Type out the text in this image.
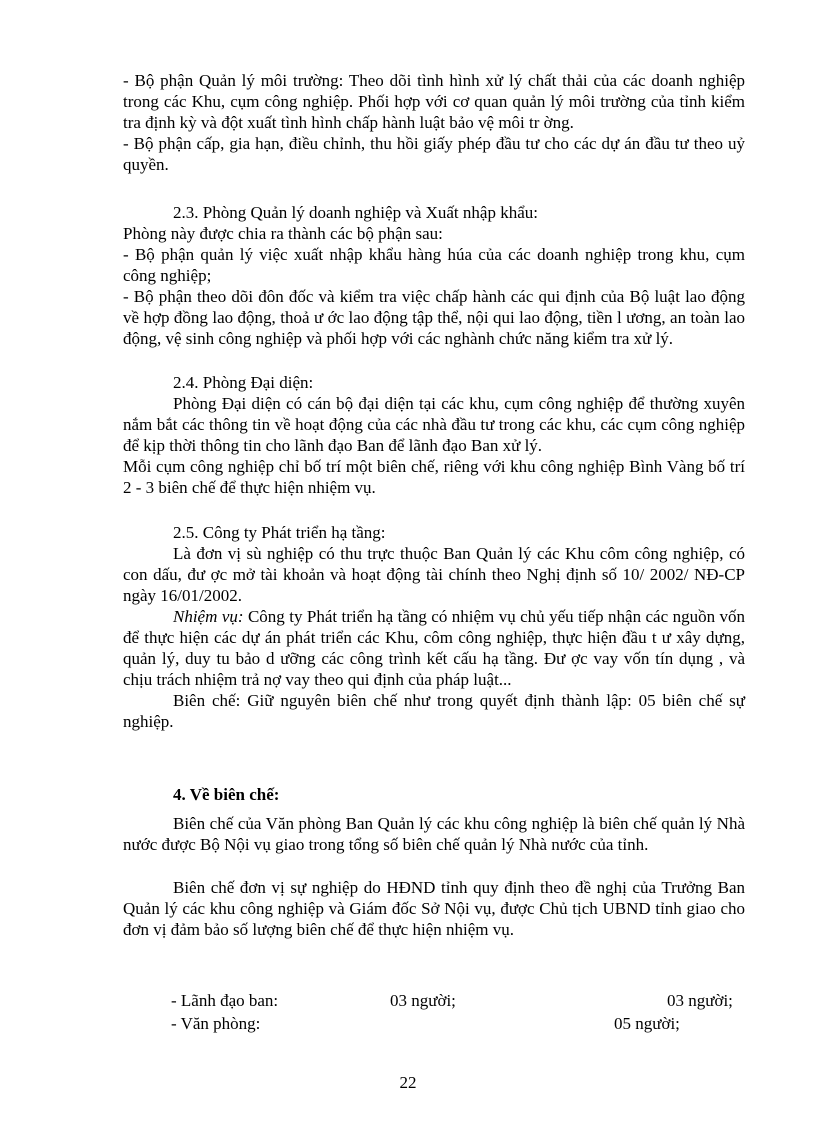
- Bộ phận Quản lý môi trường: Theo dõi tình hình xử lý chất thải của các doanh nghiệp trong các Khu, cụm công nghiệp. Phối hợp với cơ quan quản lý môi trường của tỉnh kiểm tra định kỳ và đột xuất tình hình chấp hành luật bảo vệ môi tr ờng.

- Bộ phận cấp, gia hạn, điều chỉnh, thu hồi giấy phép đầu tư cho các dự án đầu tư theo uỷ quyền.

2.3. Phòng Quản lý doanh nghiệp và Xuất nhập khẩu:

Phòng này được chia ra thành các bộ phận sau:

- Bộ phận quản lý việc xuất nhập khẩu hàng húa của các doanh nghiệp trong khu, cụm công nghiệp;

- Bộ phận theo dõi đôn đốc và kiểm tra việc chấp hành các qui định của Bộ luật lao động về hợp đồng lao động, thoả ư ớc lao động tập thể, nội qui lao động, tiền l ương, an toàn lao động, vệ sinh công nghiệp và phối hợp với các nghành chức năng kiểm tra xử lý.

2.4. Phòng Đại diện:

Phòng Đại diện có cán bộ đại diện tại các khu, cụm công nghiệp để thường xuyên nắm bắt các thông tin về hoạt động của các nhà đầu tư trong các khu, các cụm công nghiệp để kịp thời thông tin cho lãnh đạo Ban để lãnh đạo Ban xử lý.

Mỗi cụm công nghiệp chỉ bố trí một biên chế, riêng với khu công nghiệp Bình Vàng bố trí 2 - 3 biên chế để thực hiện nhiệm vụ.

2.5. Công ty Phát triển hạ tầng:

Là đơn vị sù nghiệp có thu trực thuộc Ban Quản lý các Khu côm công nghiệp, có con dấu, đư ợc mở tài khoản và hoạt động tài chính theo Nghị định số 10/ 2002/ NĐ-CP ngày 16/01/2002.

Nhiệm vụ: Công ty Phát triển hạ tầng có nhiệm vụ chủ yếu tiếp nhận các nguồn vốn để thực hiện các dự án phát triển các Khu, côm công nghiệp, thực hiện đầu t ư xây dựng, quản lý, duy tu bảo d ưỡng các công trình kết cấu hạ tầng. Đư ợc vay vốn tín dụng , và chịu trách nhiệm trả nợ vay theo qui định của pháp luật...

Biên chế: Giữ nguyên biên chế như trong quyết định thành lập: 05 biên chế sự nghiệp.

4. Về biên chế:

Biên chế của Văn phòng Ban Quản lý các khu công nghiệp là biên chế quản lý Nhà nước được Bộ Nội vụ giao trong tổng số biên chế quản lý Nhà nước của tỉnh.

Biên chế đơn vị sự nghiệp do HĐND tỉnh quy định theo đề nghị của Trưởng Ban Quản lý các khu công nghiệp và Giám đốc Sở Nội vụ, được Chủ tịch UBND tỉnh giao cho đơn vị đảm bảo số lượng biên chế để thực hiện nhiệm vụ.

- Lãnh đạo ban:	03 người;	03 người;
- Văn phòng:	05 người;
22
